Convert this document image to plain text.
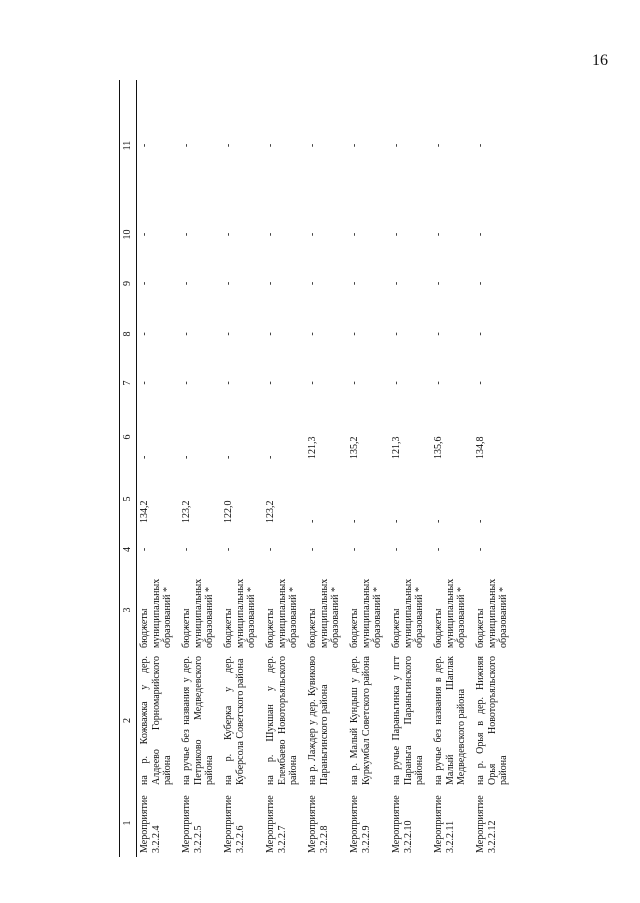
16
1	2	3	4	5	6	7	8	9	10	11
Мероприятие 3.2.2.4	на р. Кожважка у дер. Алдеево Горномарийского района	бюджеты муниципальных образований *	-	134,2	-	-	-	-	-	-
Мероприятие 3.2.2.5	на ручье без названия у дер. Петриково Медведевского района	бюджеты муниципальных образований *	-	123,2	-	-	-	-	-	-
Мероприятие 3.2.2.6	на р. Куберка у дер. Куберсола Советского района	бюджеты муниципальных образований *	-	122,0	-	-	-	-	-	-
Мероприятие 3.2.2.7	на р. Шукшан у дер. Елембаево Новоторъяльского района	бюджеты муниципальных образований *	-	123,2	-	-	-	-	-	-
Мероприятие 3.2.2.8	на р. Лаждер у дер. Кувиково Параньгинского района	бюджеты муниципальных образований *	-	-	121,3	-	-	-	-	-
Мероприятие 3.2.2.9	на р. Малый Кундыш у дер. Куркумбал Советского района	бюджеты муниципальных образований *	-	-	135,2	-	-	-	-	-
Мероприятие 3.2.2.10	на ручье Параньгинка у пгт Параньга Параньгинского района	бюджеты муниципальных образований *	-	-	121,3	-	-	-	-	-
Мероприятие 3.2.2.11	на ручье без названия в дер. Малый Шаплак Медведевского района	бюджеты муниципальных образований *	-	-	135,6	-	-	-	-	-
Мероприятие 3.2.2.12	на р. Орья в дер. Нижняя Орья Новоторъяльского района	бюджеты муниципальных образований *	-	-	134,8	-	-	-	-	-
